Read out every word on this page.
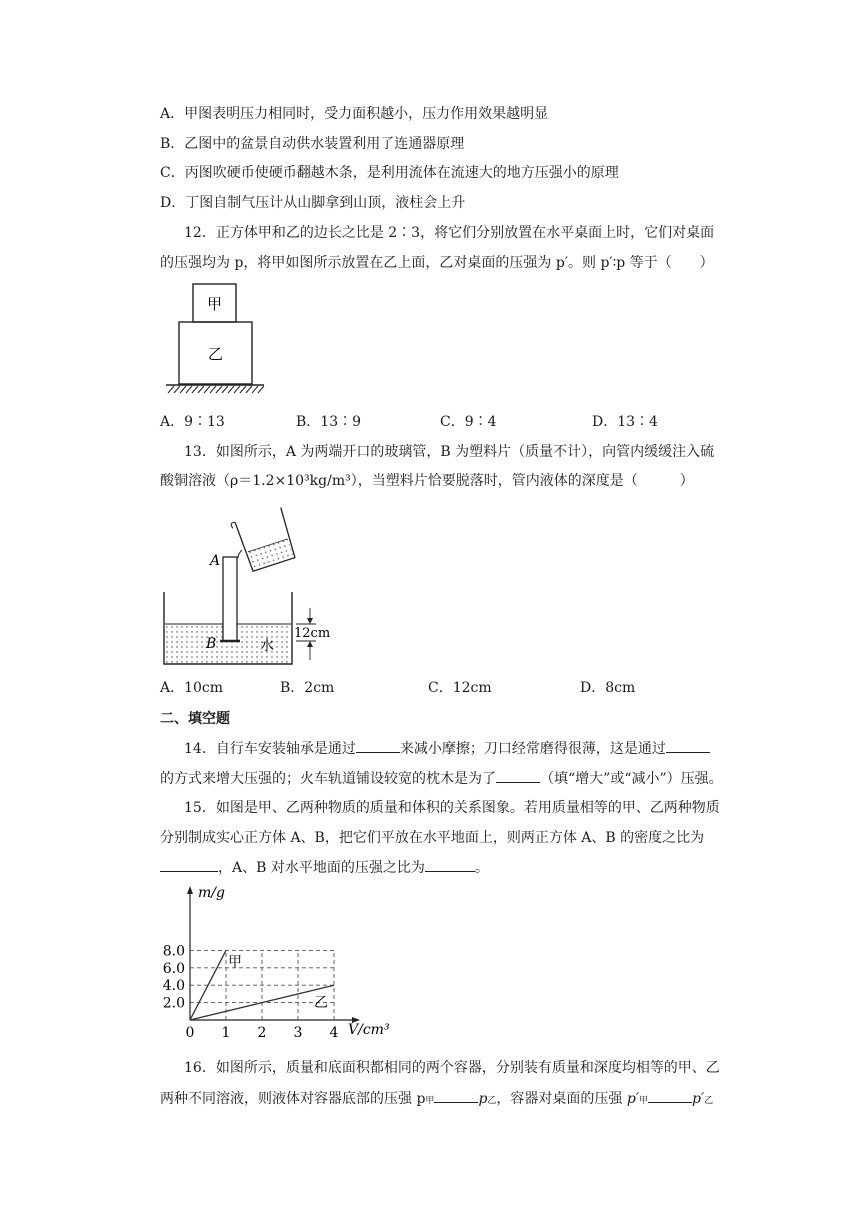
A．甲图表明压力相同时，受力面积越小，压力作用效果越明显
B．乙图中的盆景自动供水装置利用了连通器原理
C．丙图吹硬币使硬币翻越木条，是利用流体在流速大的地方压强小的原理
D．丁图自制气压计从山脚拿到山顶，液柱会上升
12．正方体甲和乙的边长之比是 2∶3，将它们分别放置在水平桌面上时，它们对桌面
的压强均为 p，将甲如图所示放置在乙上面，乙对桌面的压强为 p′。则 p′∶p 等于（　　）
甲
乙
A．9∶13	B．13∶9	C．9∶4	D．13∶4
13．如图所示，A 为两端开口的玻璃管，B 为塑料片（质量不计），向管内缓缓注入硫
酸铜溶液（ρ＝1.2×10³kg/m³），当塑料片恰要脱落时，管内液体的深度是（　　　）
A
B	水
12cm
A．10cm	B．2cm	C．12cm	D．8cm
二、填空题
14．自行车安装轴承是通过	来减小摩擦；刀口经常磨得很薄，这是通过
的方式来增大压强的；火车轨道铺设较宽的枕木是为了	（填“增大”或“减小”）压强。
15．如图是甲、乙两种物质的质量和体积的关系图象。若用质量相等的甲、乙两种物质
分别制成实心正方体 A、B，把它们平放在水平地面上，则两正方体 A、B 的密度之比为
，A、B 对水平地面的压强之比为	。
0 1 2 3 4
2.0
4.0
6.0
8.0
甲
乙
m/g
V/cm³
16．如图所示，质量和底面积都相同的两个容器，分别装有质量和深度均相等的甲、乙
两种不同溶液，则液体对容器底部的压强 p甲	p乙，容器对桌面的压强 p′甲	p′乙
